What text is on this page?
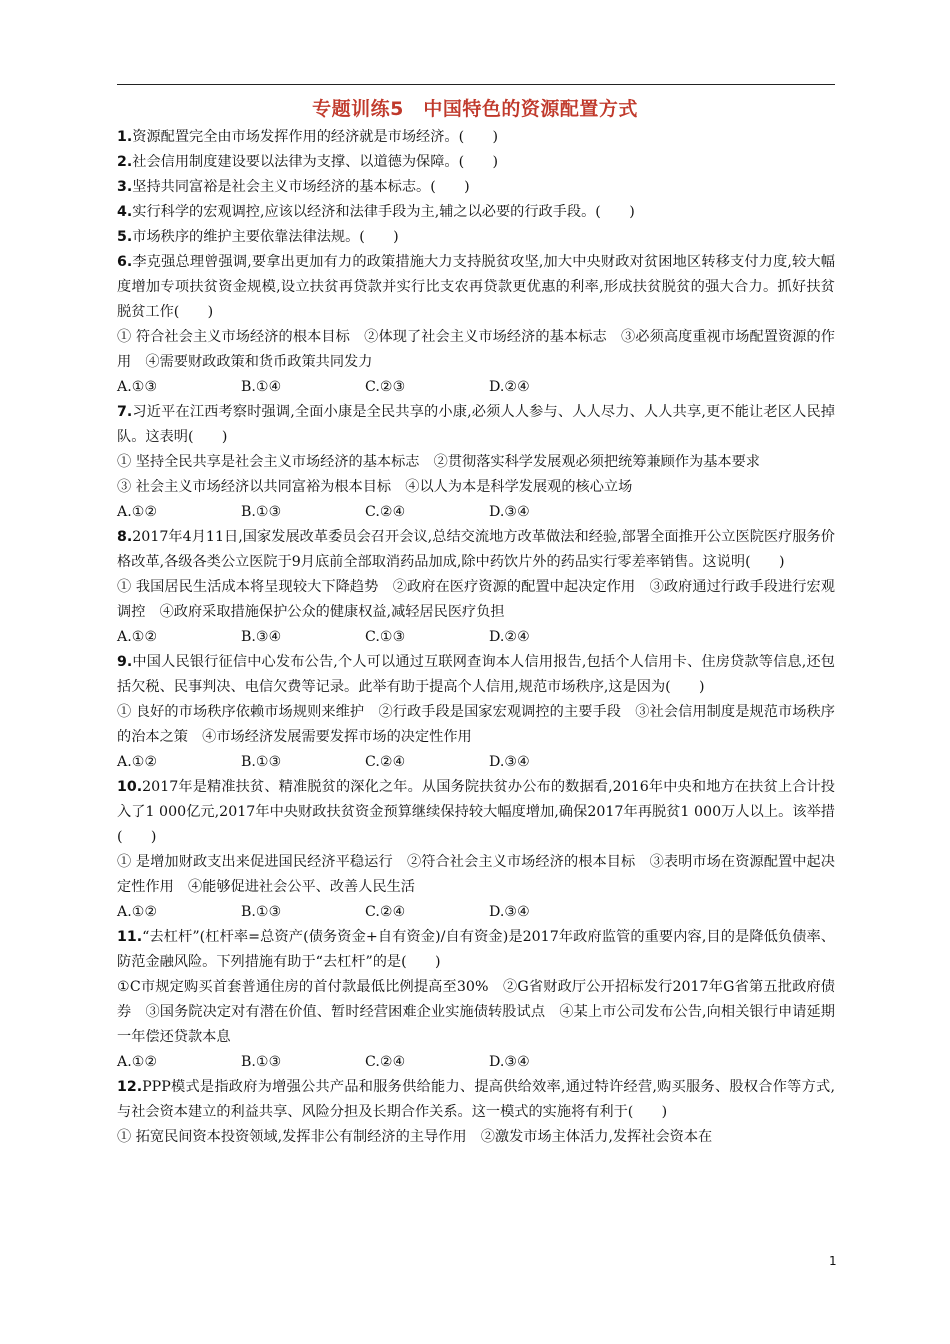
专题训练5　中国特色的资源配置方式

1.资源配置完全由市场发挥作用的经济就是市场经济。(　　)

2.社会信用制度建设要以法律为支撑、以道德为保障。(　　)

3.坚持共同富裕是社会主义市场经济的基本标志。(　　)

4.实行科学的宏观调控,应该以经济和法律手段为主,辅之以必要的行政手段。(　　)

5.市场秩序的维护主要依靠法律法规。(　　)

6.李克强总理曾强调,要拿出更加有力的政策措施大力支持脱贫攻坚,加大中央财政对贫困地区转移支付力度,较大幅度增加专项扶贫资金规模,设立扶贫再贷款并实行比支农再贷款更优惠的利率,形成扶贫脱贫的强大合力。抓好扶贫脱贫工作(　　)

① 符合社会主义市场经济的根本目标　②体现了社会主义市场经济的基本标志　③必须高度重视市场配置资源的作用　④需要财政政策和货币政策共同发力

A.①③	B.①④	C.②③	D.②④

7.习近平在江西考察时强调,全面小康是全民共享的小康,必须人人参与、人人尽力、人人共享,更不能让老区人民掉队。这表明(　　)

① 坚持全民共享是社会主义市场经济的基本标志　②贯彻落实科学发展观必须把统筹兼顾作为基本要求

③ 社会主义市场经济以共同富裕为根本目标　④以人为本是科学发展观的核心立场

A.①②	B.①③	C.②④	D.③④

8.2017年4月11日,国家发展改革委员会召开会议,总结交流地方改革做法和经验,部署全面推开公立医院医疗服务价格改革,各级各类公立医院于9月底前全部取消药品加成,除中药饮片外的药品实行零差率销售。这说明(　　)

① 我国居民生活成本将呈现较大下降趋势　②政府在医疗资源的配置中起决定作用　③政府通过行政手段进行宏观调控　④政府采取措施保护公众的健康权益,减轻居民医疗负担

A.①②	B.③④	C.①③	D.②④

9.中国人民银行征信中心发布公告,个人可以通过互联网查询本人信用报告,包括个人信用卡、住房贷款等信息,还包括欠税、民事判决、电信欠费等记录。此举有助于提高个人信用,规范市场秩序,这是因为(　　)

① 良好的市场秩序依赖市场规则来维护　②行政手段是国家宏观调控的主要手段　③社会信用制度是规范市场秩序的治本之策　④市场经济发展需要发挥市场的决定性作用

A.①②	B.①③	C.②④	D.③④

10.2017年是精准扶贫、精准脱贫的深化之年。从国务院扶贫办公布的数据看,2016年中央和地方在扶贫上合计投入了1 000亿元,2017年中央财政扶贫资金预算继续保持较大幅度增加,确保2017年再脱贫1 000万人以上。该举措(　　)

① 是增加财政支出来促进国民经济平稳运行　②符合社会主义市场经济的根本目标　③表明市场在资源配置中起决定性作用　④能够促进社会公平、改善人民生活

A.①②	B.①③	C.②④	D.③④

11.“去杠杆”(杠杆率=总资产(债务资金+自有资金)/自有资金)是2017年政府监管的重要内容,目的是降低负债率、防范金融风险。下列措施有助于“去杠杆”的是(　　)

①C市规定购买首套普通住房的首付款最低比例提高至30%　②G省财政厅公开招标发行2017年G省第五批政府债券　③国务院决定对有潜在价值、暂时经营困难企业实施债转股试点　④某上市公司发布公告,向相关银行申请延期一年偿还贷款本息

A.①②	B.①③	C.②④	D.③④

12.PPP模式是指政府为增强公共产品和服务供给能力、提高供给效率,通过特许经营,购买服务、股权合作等方式,与社会资本建立的利益共享、风险分担及长期合作关系。这一模式的实施将有利于(　　)

① 拓宽民间资本投资领域,发挥非公有制经济的主导作用　②激发市场主体活力,发挥社会资本在

1
